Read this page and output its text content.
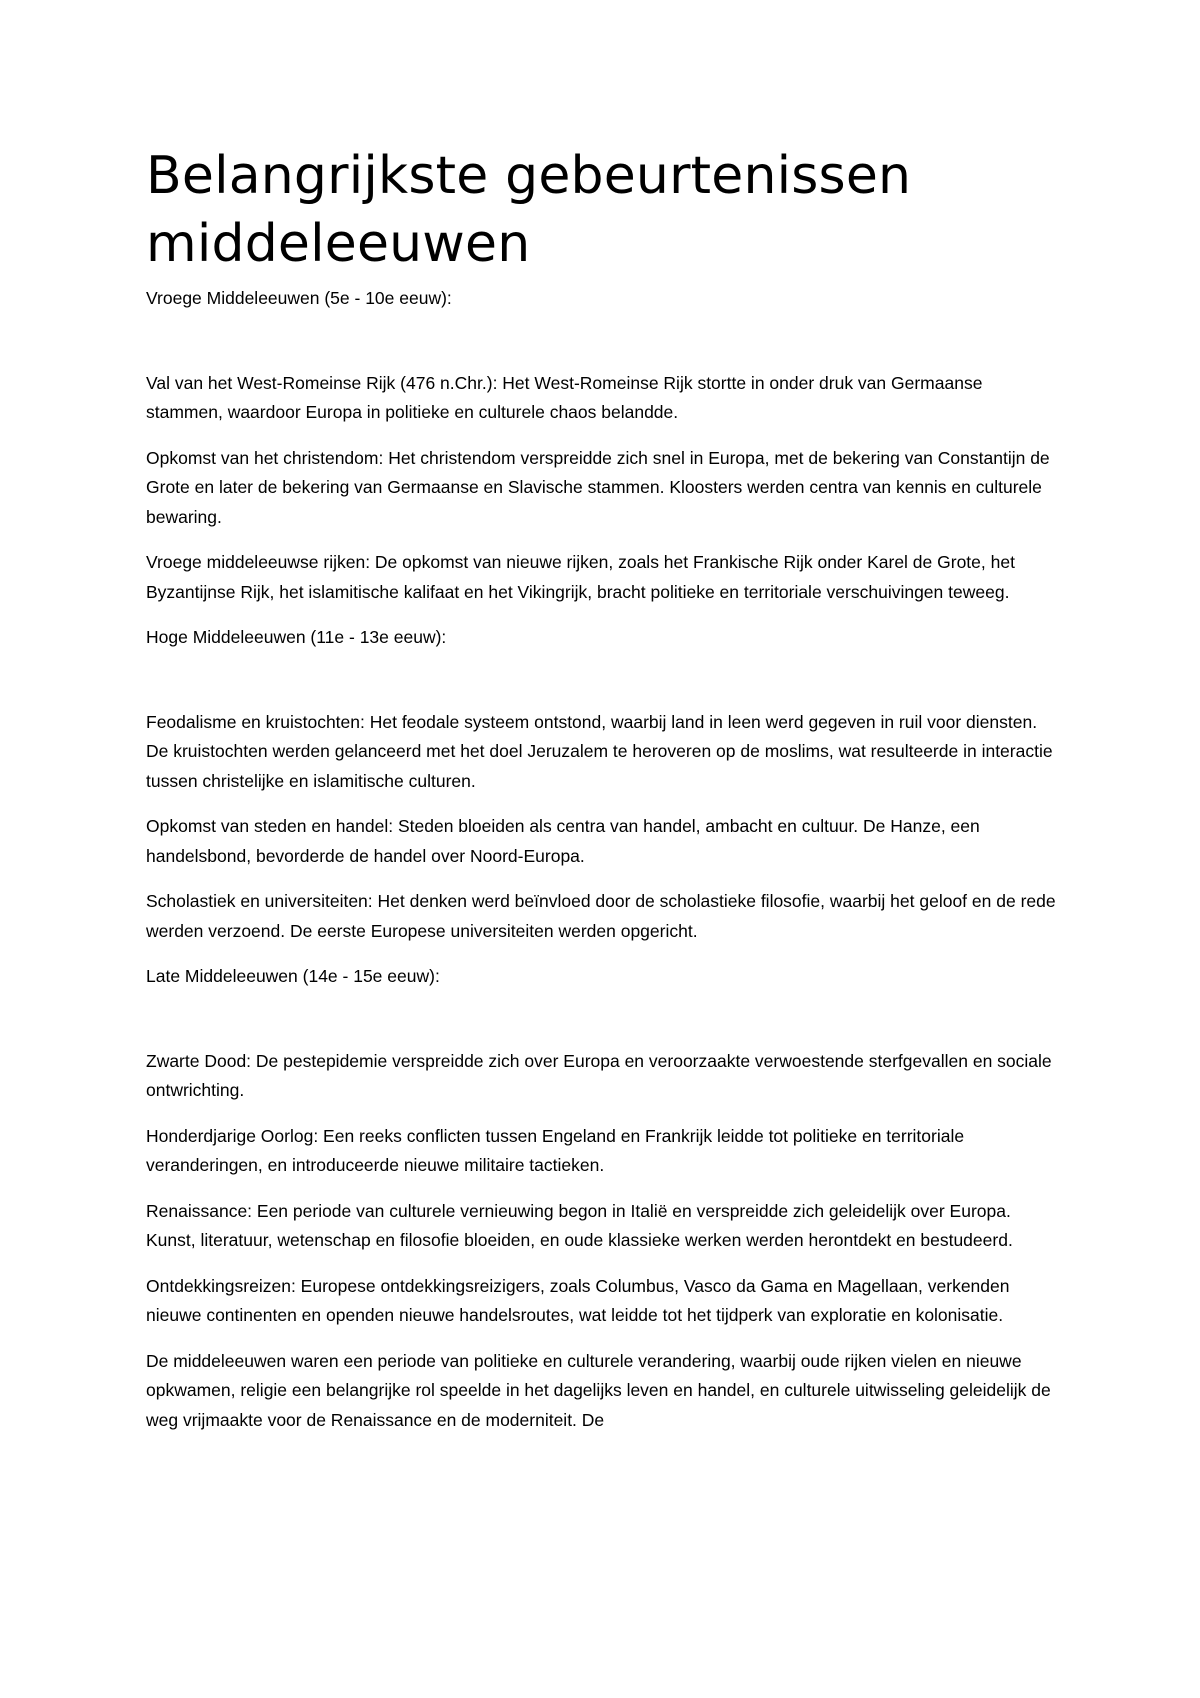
Belangrijkste gebeurtenissen middeleeuwen

Vroege Middeleeuwen (5e - 10e eeuw):

Val van het West-Romeinse Rijk (476 n.Chr.): Het West-Romeinse Rijk stortte in onder druk van Germaanse stammen, waardoor Europa in politieke en culturele chaos belandde.

Opkomst van het christendom: Het christendom verspreidde zich snel in Europa, met de bekering van Constantijn de Grote en later de bekering van Germaanse en Slavische stammen. Kloosters werden centra van kennis en culturele bewaring.

Vroege middeleeuwse rijken: De opkomst van nieuwe rijken, zoals het Frankische Rijk onder Karel de Grote, het Byzantijnse Rijk, het islamitische kalifaat en het Vikingrijk, bracht politieke en territoriale verschuivingen teweeg.

Hoge Middeleeuwen (11e - 13e eeuw):

Feodalisme en kruistochten: Het feodale systeem ontstond, waarbij land in leen werd gegeven in ruil voor diensten. De kruistochten werden gelanceerd met het doel Jeruzalem te heroveren op de moslims, wat resulteerde in interactie tussen christelijke en islamitische culturen.

Opkomst van steden en handel: Steden bloeiden als centra van handel, ambacht en cultuur. De Hanze, een handelsbond, bevorderde de handel over Noord-Europa.

Scholastiek en universiteiten: Het denken werd beïnvloed door de scholastieke filosofie, waarbij het geloof en de rede werden verzoend. De eerste Europese universiteiten werden opgericht.

Late Middeleeuwen (14e - 15e eeuw):

Zwarte Dood: De pestepidemie verspreidde zich over Europa en veroorzaakte verwoestende sterfgevallen en sociale ontwrichting.

Honderdjarige Oorlog: Een reeks conflicten tussen Engeland en Frankrijk leidde tot politieke en territoriale veranderingen, en introduceerde nieuwe militaire tactieken.

Renaissance: Een periode van culturele vernieuwing begon in Italië en verspreidde zich geleidelijk over Europa. Kunst, literatuur, wetenschap en filosofie bloeiden, en oude klassieke werken werden herontdekt en bestudeerd.

Ontdekkingsreizen: Europese ontdekkingsreizigers, zoals Columbus, Vasco da Gama en Magellaan, verkenden nieuwe continenten en openden nieuwe handelsroutes, wat leidde tot het tijdperk van exploratie en kolonisatie.

De middeleeuwen waren een periode van politieke en culturele verandering, waarbij oude rijken vielen en nieuwe opkwamen, religie een belangrijke rol speelde in het dagelijks leven en handel, en culturele uitwisseling geleidelijk de weg vrijmaakte voor de Renaissance en de moderniteit. De
